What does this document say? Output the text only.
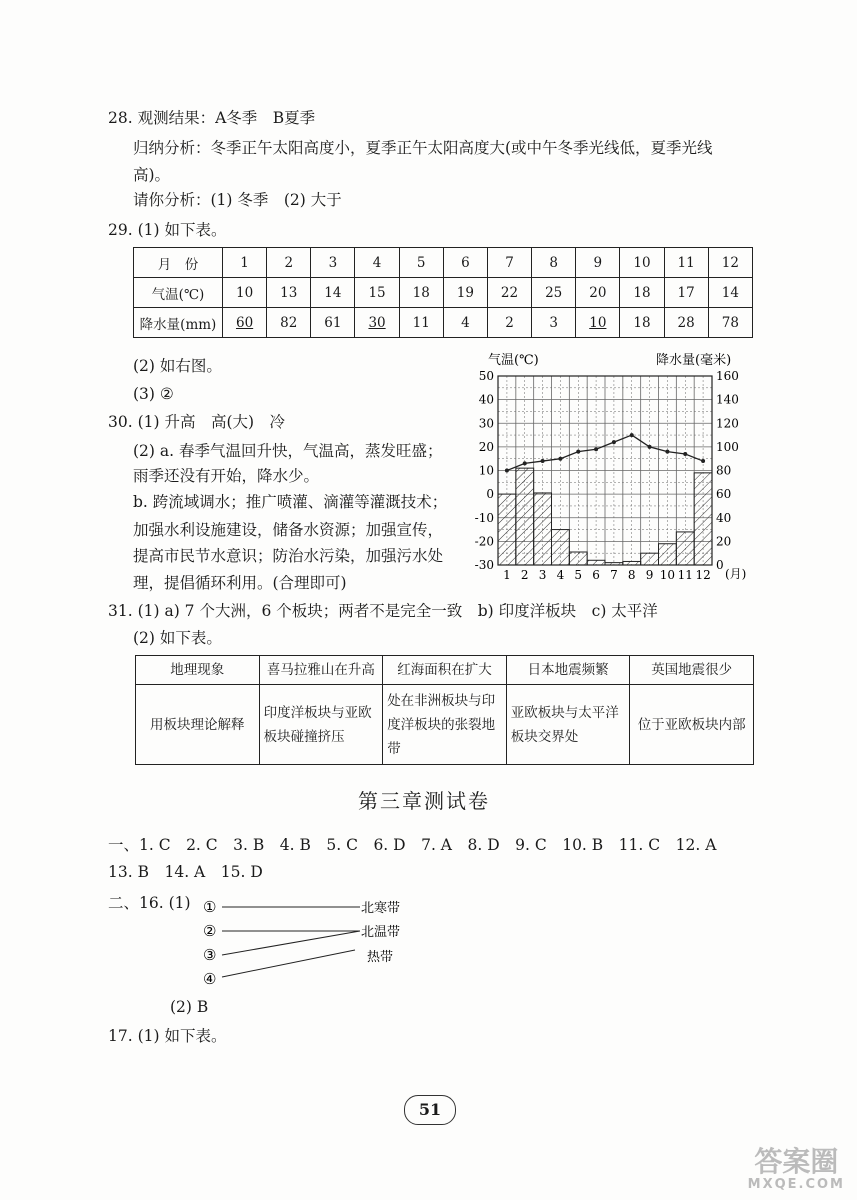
28. 观测结果：A冬季　B夏季
归纳分析：冬季正午太阳高度小，夏季正午太阳高度大(或中午冬季光线低，夏季光线
高)。
请你分析：(1) 冬季　(2) 大于
29. (1) 如下表。
月　份	1	2	3	4	5	6	7	8	9	10	11	12
气温(℃)	10	13	14	15	18	19	22	25	20	18	17	14
降水量(mm)	60	82	61	30	11	4	2	3	10	18	28	78
(2) 如右图。
(3) ②
气温(℃)	降水量(毫米)
(月)
50
40
30
20
10
0
-10
-20
-30
160
140
120
100
80
60
40
20
0
1 2 3 4 5 6 7 8 9 10 11 12
30. (1) 升高　高(大)　冷
(2) a. 春季气温回升快，气温高，蒸发旺盛；
雨季还没有开始，降水少。
b. 跨流域调水；推广喷灌、滴灌等灌溉技术；
加强水利设施建设，储备水资源；加强宣传，
提高市民节水意识；防治水污染，加强污水处
理，提倡循环利用。(合理即可)
31. (1) a) 7 个大洲，6 个板块；两者不是完全一致　b) 印度洋板块　c) 太平洋
(2) 如下表。
地理现象	喜马拉雅山在升高	红海面积在扩大	日本地震频繁	英国地震很少
用板块理论解释	印度洋板块与亚欧板块碰撞挤压	处在非洲板块与印度洋板块的张裂地带	亚欧板块与太平洋板块交界处	位于亚欧板块内部
第三章测试卷
一、1. C　2. C　3. B　4. B　5. C　6. D　7. A　8. D　9. C　10. B　11. C　12. A
13. B　14. A　15. D
二、16. (1) ①
②
③
④
北寒带
北温带
热带
(2) B
17. (1) 如下表。
51
答案圈
MXQE.COM
